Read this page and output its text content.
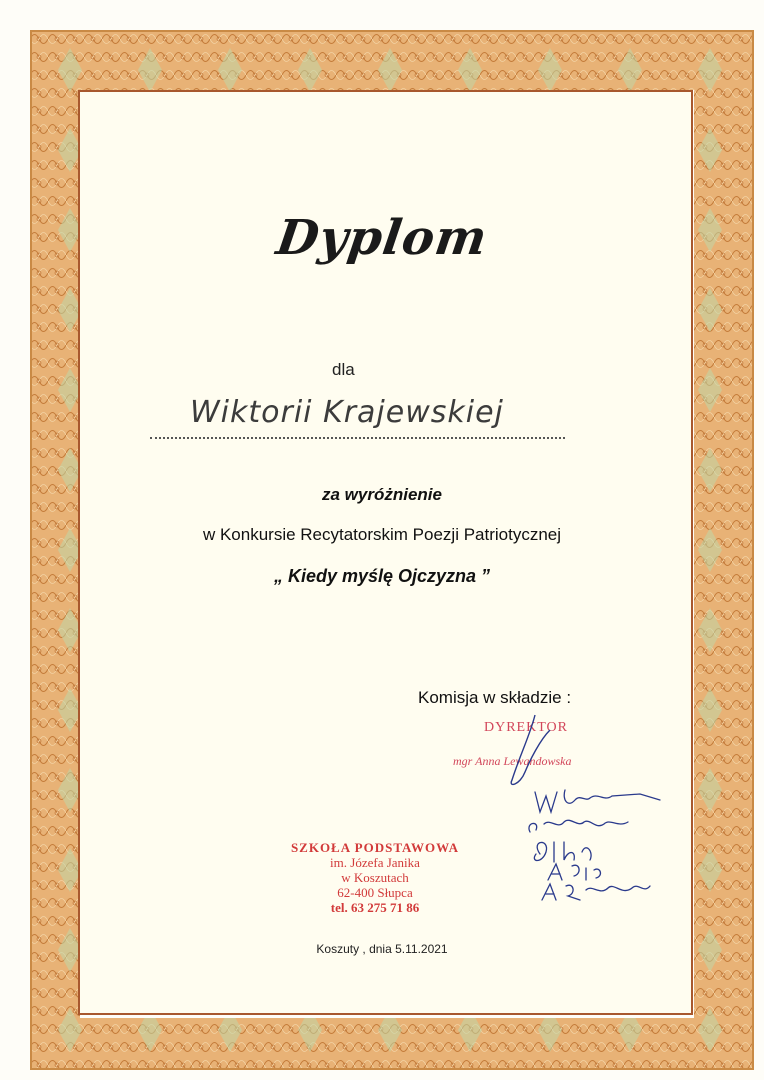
Dyplom
dla
Wiktorii Krajewskiej
za wyróżnienie
w Konkursie Recytatorskim Poezji Patriotycznej
„ Kiedy myślę Ojczyzna ”
Komisja w składzie :
DYREKTOR
mgr Anna Lewandowska
SZKOŁA PODSTAWOWA
im. Józefa Janika
w Koszutach
62-400 Słupca
tel. 63 275 71 86
Koszuty , dnia 5.11.2021
